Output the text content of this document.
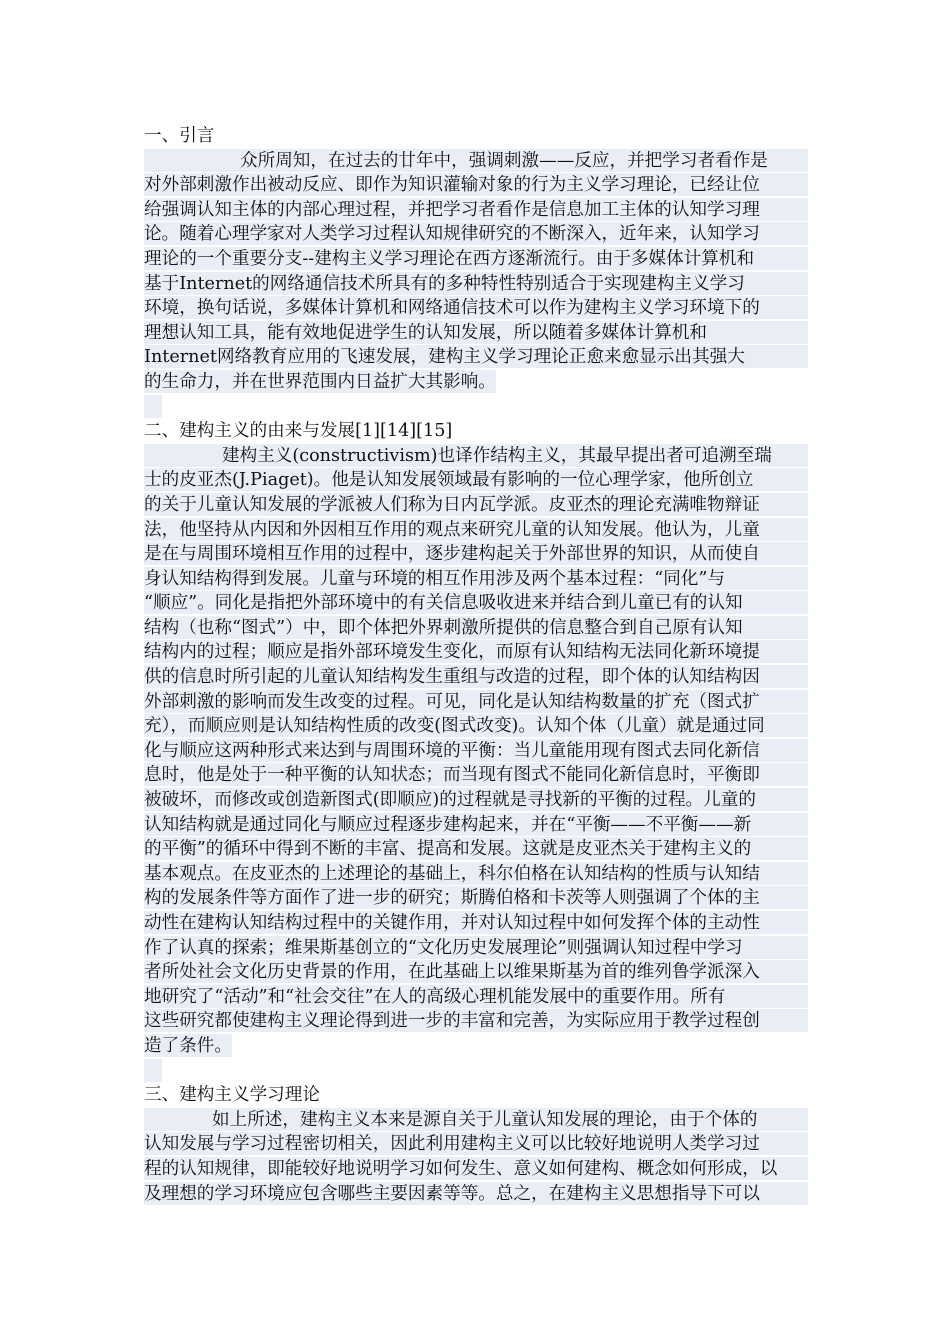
一、引言
众所周知，在过去的廿年中，强调刺激——反应，并把学习者看作是
对外部刺激作出被动反应、即作为知识灌输对象的行为主义学习理论，已经让位
给强调认知主体的内部心理过程，并把学习者看作是信息加工主体的认知学习理
论。随着心理学家对人类学习过程认知规律研究的不断深入，近年来，认知学习
理论的一个重要分支--建构主义学习理论在西方逐渐流行。由于多媒体计算机和
基于Internet的网络通信技术所具有的多种特性特别适合于实现建构主义学习
环境，换句话说，多媒体计算机和网络通信技术可以作为建构主义学习环境下的
理想认知工具，能有效地促进学生的认知发展，所以随着多媒体计算机和
Internet网络教育应用的飞速发展，建构主义学习理论正愈来愈显示出其强大
的生命力，并在世界范围内日益扩大其影响。
二、建构主义的由来与发展[1][14][15]
建构主义(constructivism)也译作结构主义，其最早提出者可追溯至瑞
士的皮亚杰(J.Piaget)。他是认知发展领域最有影响的一位心理学家，他所创立
的关于儿童认知发展的学派被人们称为日内瓦学派。皮亚杰的理论充满唯物辩证
法，他坚持从内因和外因相互作用的观点来研究儿童的认知发展。他认为，儿童
是在与周围环境相互作用的过程中，逐步建构起关于外部世界的知识，从而使自
身认知结构得到发展。儿童与环境的相互作用涉及两个基本过程：“同化”与
“顺应”。同化是指把外部环境中的有关信息吸收进来并结合到儿童已有的认知
结构（也称“图式”）中，即个体把外界刺激所提供的信息整合到自己原有认知
结构内的过程；顺应是指外部环境发生变化，而原有认知结构无法同化新环境提
供的信息时所引起的儿童认知结构发生重组与改造的过程，即个体的认知结构因
外部刺激的影响而发生改变的过程。可见，同化是认知结构数量的扩充（图式扩
充），而顺应则是认知结构性质的改变(图式改变)。认知个体（儿童）就是通过同
化与顺应这两种形式来达到与周围环境的平衡：当儿童能用现有图式去同化新信
息时，他是处于一种平衡的认知状态；而当现有图式不能同化新信息时，平衡即
被破坏，而修改或创造新图式(即顺应)的过程就是寻找新的平衡的过程。儿童的
认知结构就是通过同化与顺应过程逐步建构起来，并在“平衡——不平衡——新
的平衡”的循环中得到不断的丰富、提高和发展。这就是皮亚杰关于建构主义的
基本观点。在皮亚杰的上述理论的基础上，科尔伯格在认知结构的性质与认知结
构的发展条件等方面作了进一步的研究；斯腾伯格和卡茨等人则强调了个体的主
动性在建构认知结构过程中的关键作用，并对认知过程中如何发挥个体的主动性
作了认真的探索；维果斯基创立的“文化历史发展理论”则强调认知过程中学习
者所处社会文化历史背景的作用，在此基础上以维果斯基为首的维列鲁学派深入
地研究了“活动”和“社会交往”在人的高级心理机能发展中的重要作用。所有
这些研究都使建构主义理论得到进一步的丰富和完善，为实际应用于教学过程创
造了条件。
三、建构主义学习理论
如上所述，建构主义本来是源自关于儿童认知发展的理论，由于个体的
认知发展与学习过程密切相关，因此利用建构主义可以比较好地说明人类学习过
程的认知规律，即能较好地说明学习如何发生、意义如何建构、概念如何形成，以
及理想的学习环境应包含哪些主要因素等等。总之，在建构主义思想指导下可以
